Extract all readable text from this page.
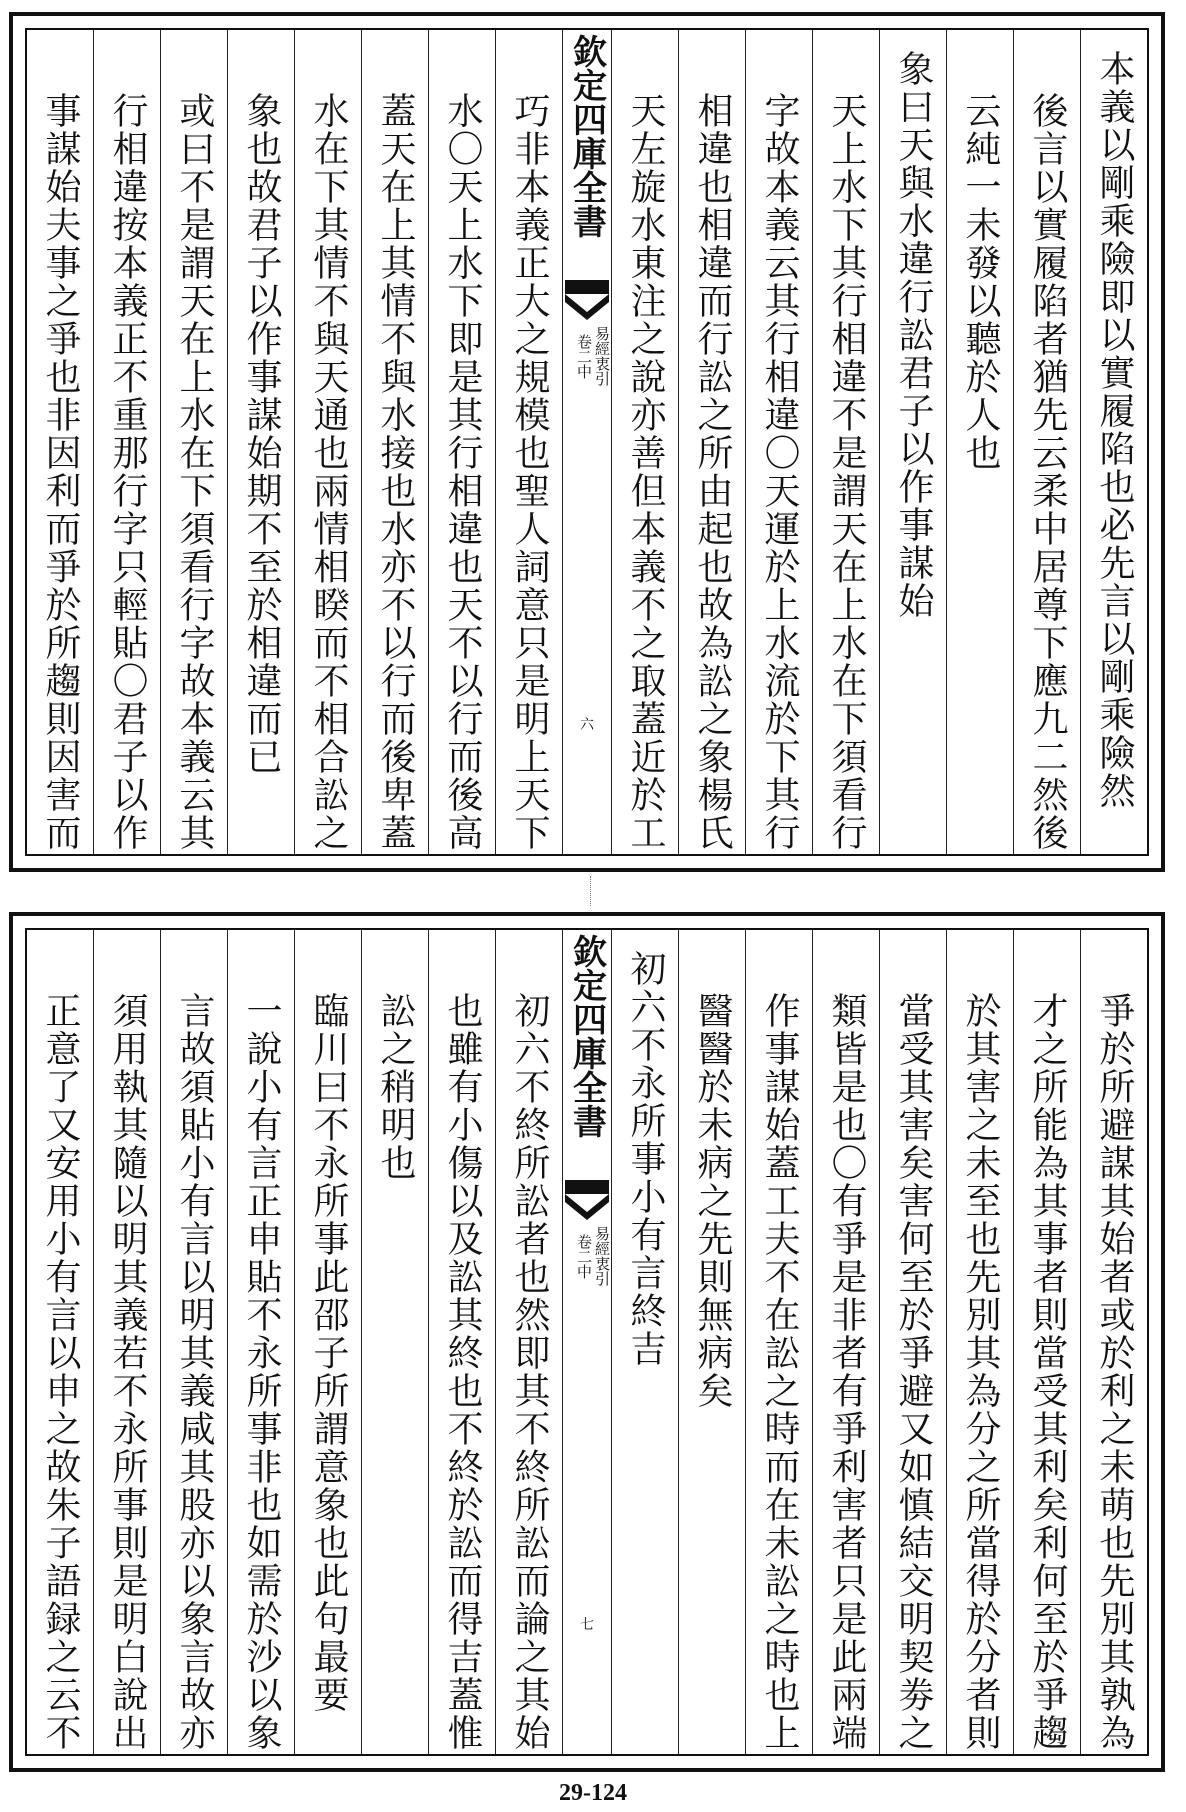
本義以剛乘險即以實履陷也必先言以剛乘險然
後言以實履陷者猶先云柔中居尊下應九二然後
云純一未發以聽於人也
象曰天與水違行訟君子以作事謀始
天上水下其行相違不是謂天在上水在下須看行
字故本義云其行相違〇天運於上水流於下其行
相違也相違而行訟之所由起也故為訟之象楊氏
天左旋水東注之說亦善但本義不之取蓋近於工
欽定四庫全書
易經衷引
卷二中
六
巧非本義正大之規模也聖人詞意只是明上天下
水〇天上水下即是其行相違也天不以行而後高
蓋天在上其情不與水接也水亦不以行而後卑蓋
水在下其情不與天通也兩情相睽而不相合訟之
象也故君子以作事謀始期不至於相違而已
或曰不是謂天在上水在下須看行字故本義云其
行相違按本義正不重那行字只輕貼〇君子以作
事謀始夫事之爭也非因利而爭於所趨則因害而
爭於所避謀其始者或於利之未萌也先別其孰為
才之所能為其事者則當受其利矣利何至於爭趨
於其害之未至也先別其為分之所當得於分者則
當受其害矣害何至於爭避又如慎結交明契劵之
類皆是也〇有爭是非者有爭利害者只是此兩端
作事謀始蓋工夫不在訟之時而在未訟之時也上
醫醫於未病之先則無病矣
初六不永所事小有言終吉
欽定四庫全書
易經衷引
卷二中
七
初六不終所訟者也然即其不終所訟而論之其始
也雖有小傷以及訟其終也不終於訟而得吉蓋惟
訟之稍明也
臨川曰不永所事此邵子所謂意象也此句最要
一說小有言正申貼不永所事非也如需於沙以象
言故須貼小有言以明其義咸其股亦以象言故亦
須用執其隨以明其義若不永所事則是明白說出
正意了又安用小有言以申之故朱子語録之云不
29-124
